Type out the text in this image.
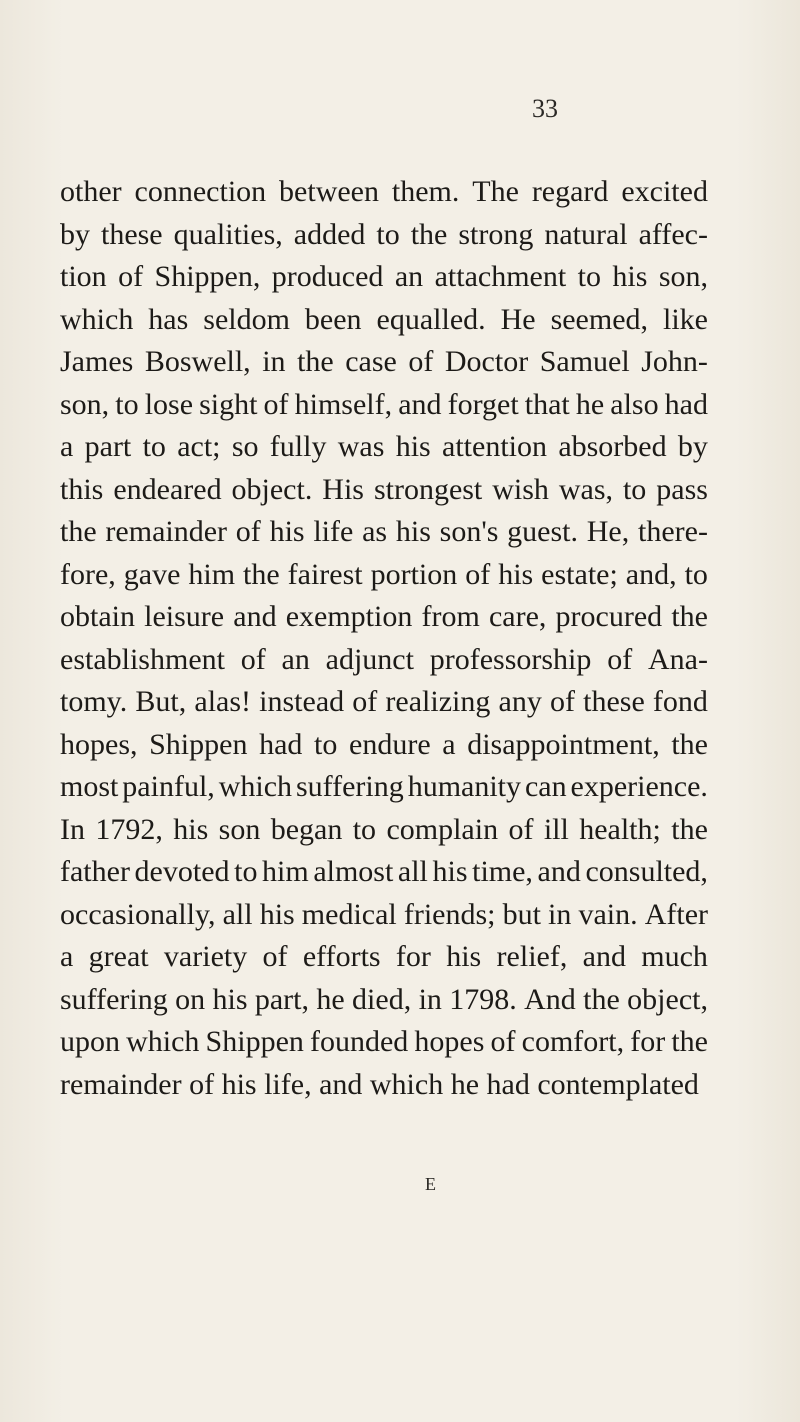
33
other connection between them. The regard excited
by these qualities, added to the strong natural affec-
tion of Shippen, produced an attachment to his son,
which has seldom been equalled. He seemed, like
James Boswell, in the case of Doctor Samuel John-
son, to lose sight of himself, and forget that he also had
a part to act; so fully was his attention absorbed by
this endeared object. His strongest wish was, to pass
the remainder of his life as his son's guest. He, there-
fore, gave him the fairest portion of his estate; and, to
obtain leisure and exemption from care, procured the
establishment of an adjunct professorship of Ana-
tomy. But, alas! instead of realizing any of these fond
hopes, Shippen had to endure a disappointment, the
most painful, which suffering humanity can experience.
In 1792, his son began to complain of ill health; the
father devoted to him almost all his time, and consulted,
occasionally, all his medical friends; but in vain. After
a great variety of efforts for his relief, and much
suffering on his part, he died, in 1798. And the object,
upon which Shippen founded hopes of comfort, for the
remainder of his life, and which he had contemplated
E
